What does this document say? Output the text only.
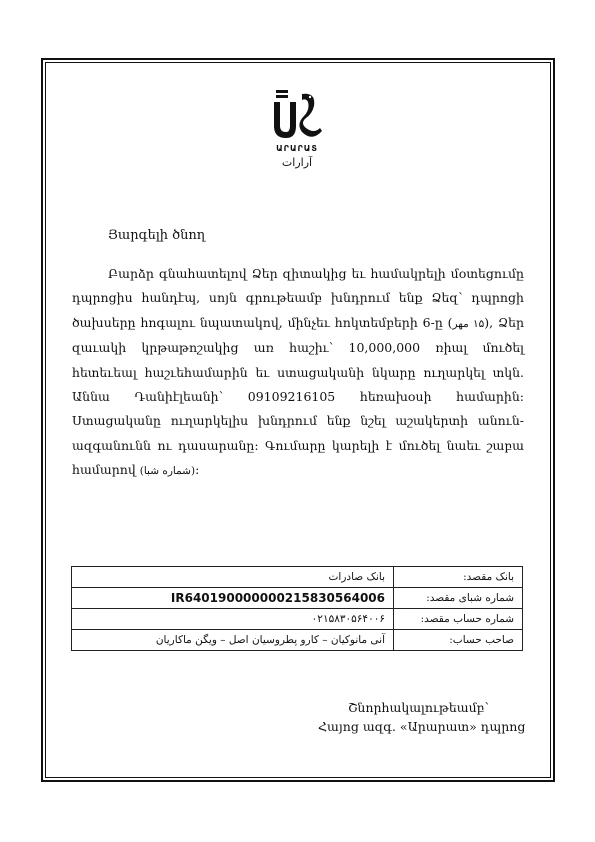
ԱՐԱՐԱՏ
آرارات
Յարգելի ծնող
Բարձր գնահատելով Ձեր զիտակից եւ համակրելի մօտեցումը դպրոցիս հանդէպ, սոյն գրութեամբ խնդրում ենք Ձեզ՝ դպրոցի ծախսերը հոգալու նպատակով, մինչեւ հոկտեմբերի 6-ը (۱۵ مهر), Ձեր զաւակի կրթաթոշակից առ հաշիւ՝ 10,000,000 ռիալ մուծել հետեւեալ հաշւեհամարին եւ ստացականի նկարը ուղարկել տկն. Աննա Դանիէլեանի՝ 09109216105 հեռախօսի համարին: Ստացականը ուղարկելիս խնդրում ենք նշել աշակերտի անուն-ազգանունն ու դասարանը: Գումարը կարելի է մուծել նաեւ շաբա համարով (شماره شبا):
بانک مقصد:	بانک صادرات
شماره شبای مقصد:	IR640190000000215830564006
شماره حساب مقصد:	۰۲۱۵۸۳۰۵۶۴۰۰۶
صاحب حساب:	آنی مانوکیان – کارو پطروسیان اصل – ویگن ماکاریان
Շնորհակալութեամբ՝
Հայոց ազգ. «Արարատ» դպրոց
